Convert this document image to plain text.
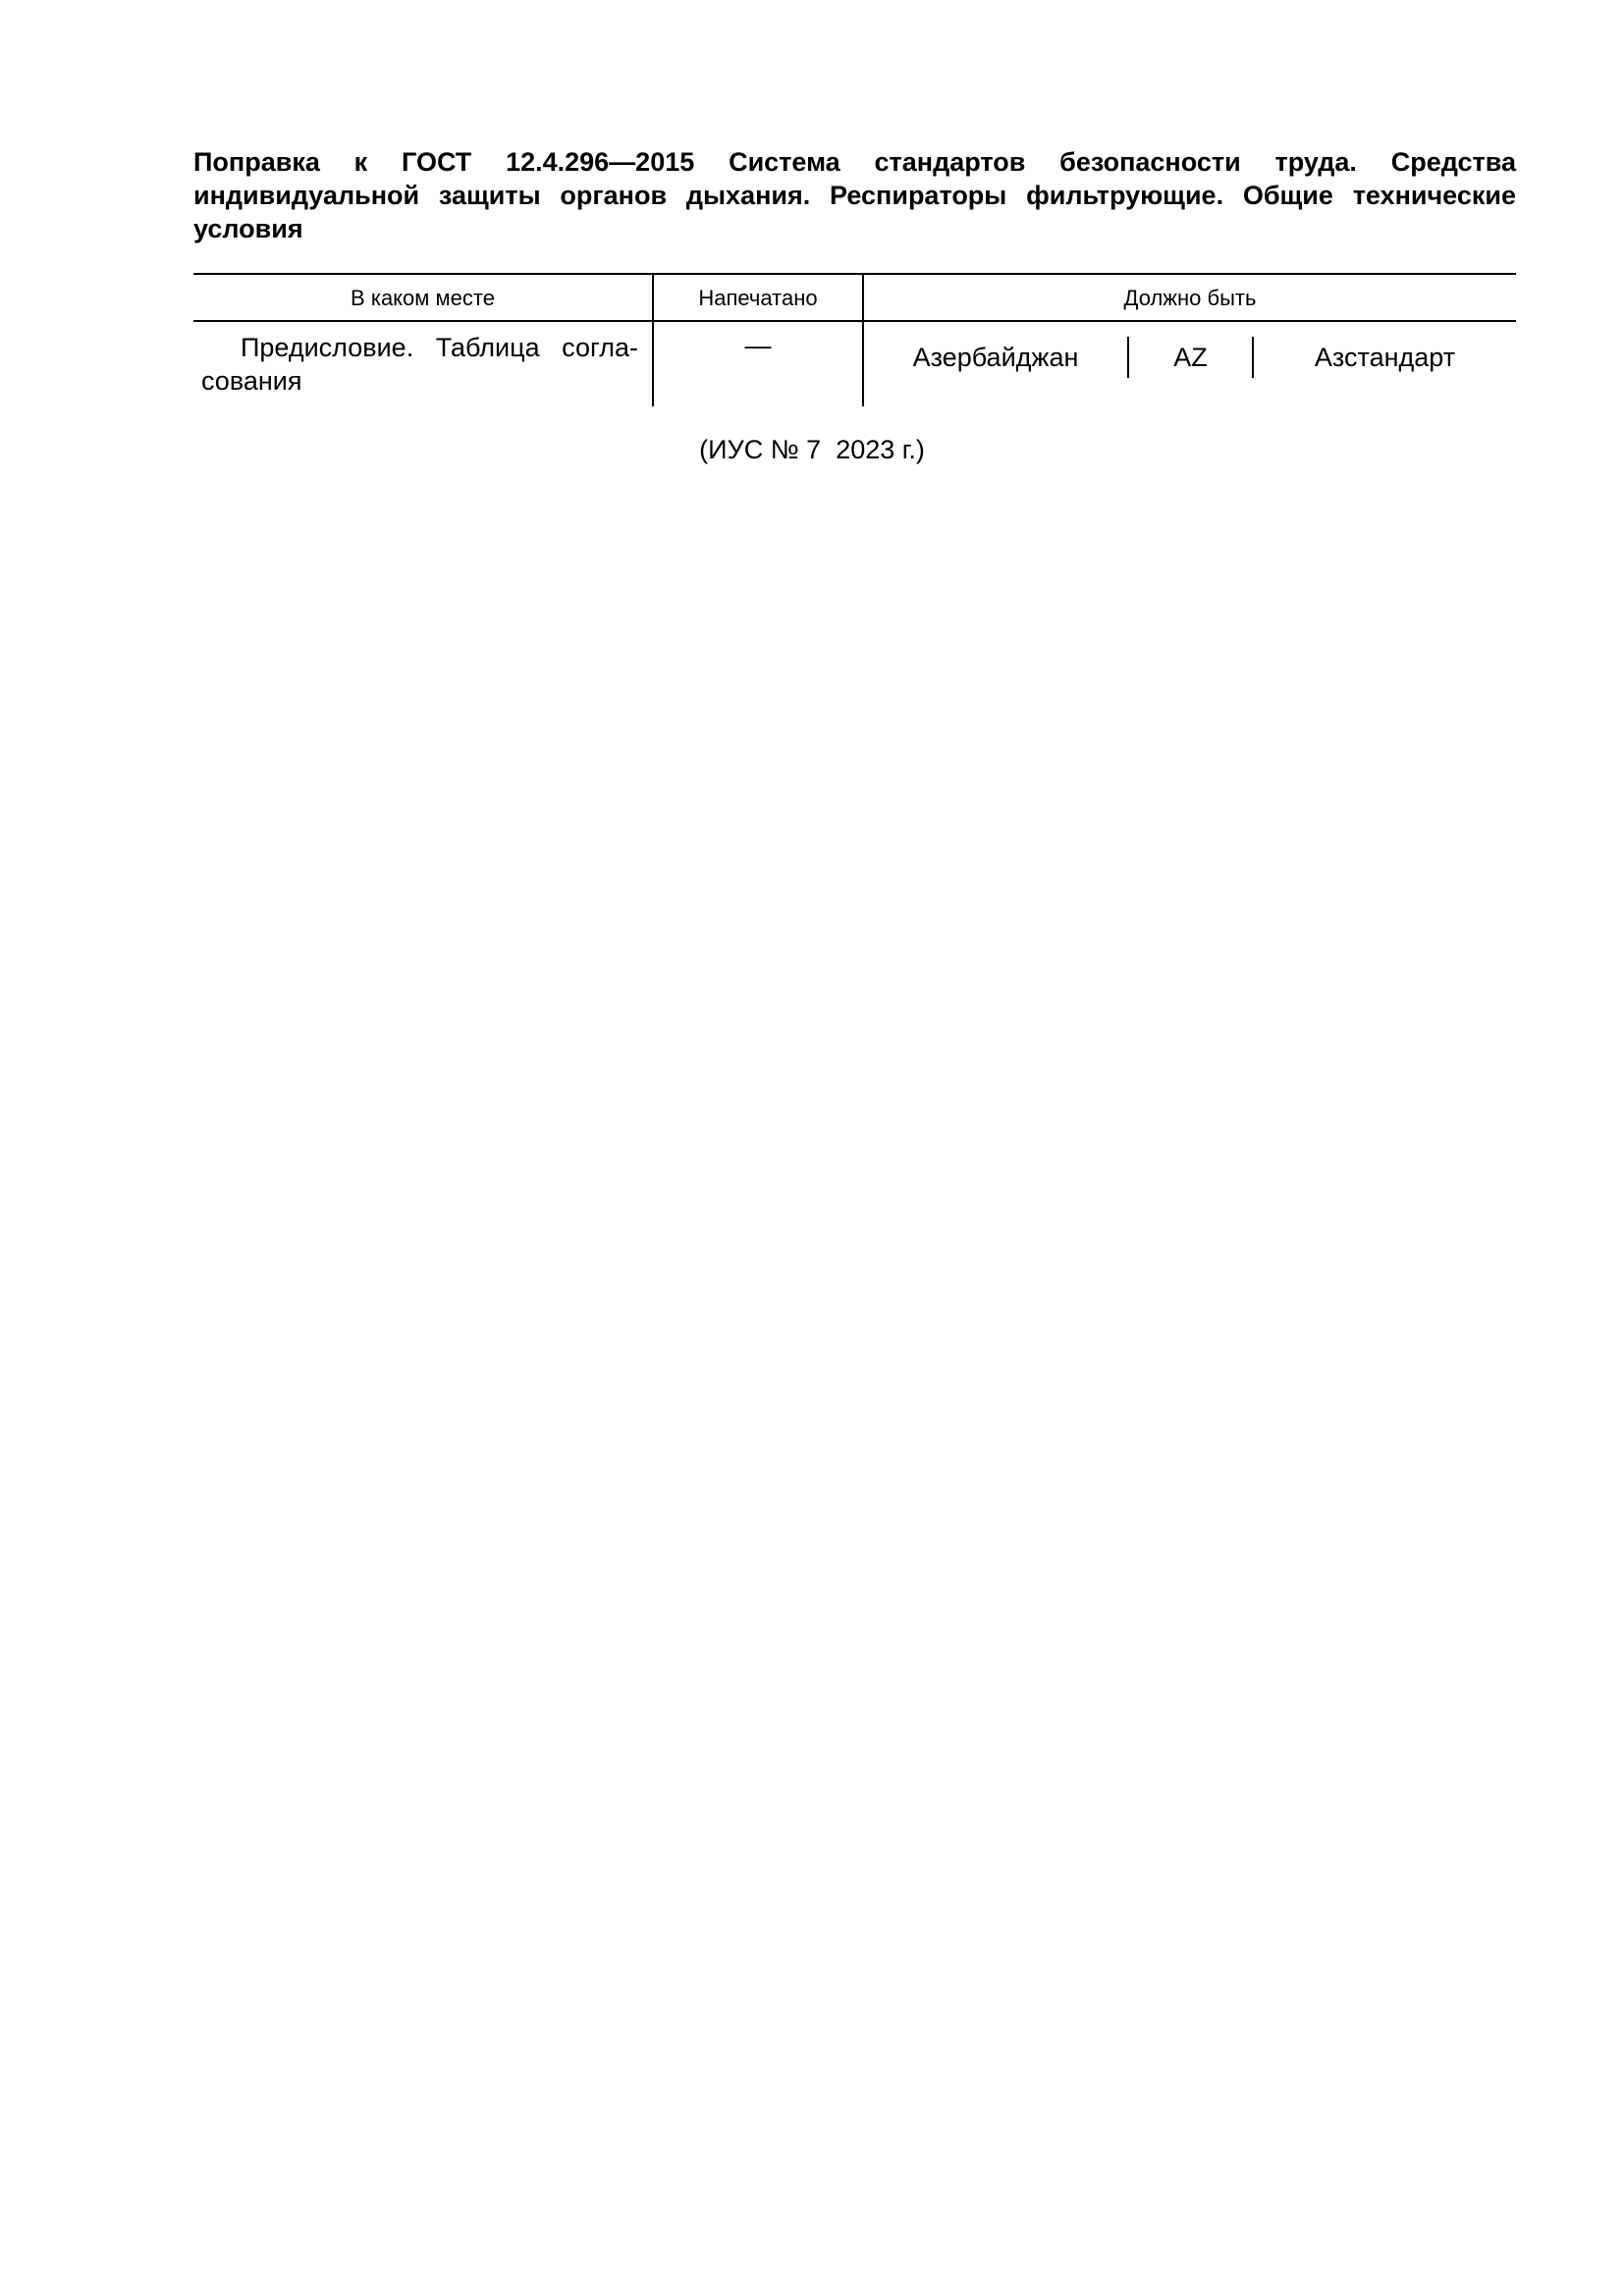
Поправка к ГОСТ 12.4.296—2015 Система стандартов безопасности труда. Средства индивидуальной защиты органов дыхания. Респираторы фильтрующие. Общие технические условия

В каком месте	Напечатано	Должно быть
Предисловие. Таблица согла-
сования
—	Азербайджан	AZ	Азстандарт
(ИУС № 7  2023 г.)
